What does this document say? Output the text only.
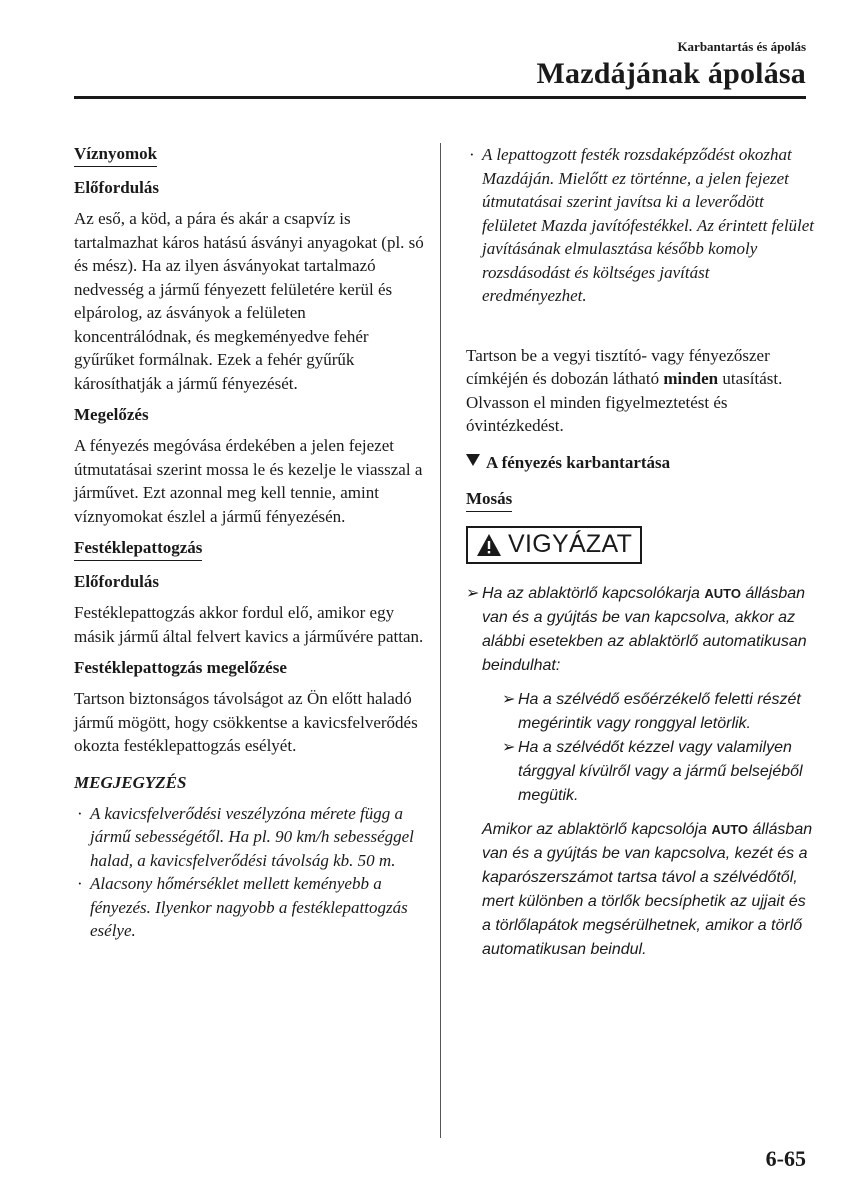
Karbantartás és ápolás
Mazdájának ápolása
Víznyomok
Előfordulás

Az eső, a köd, a pára és akár a csapvíz is tartalmazhat káros hatású ásványi anyagokat (pl. só és mész). Ha az ilyen ásványokat tartalmazó nedvesség a jármű fényezett felületére kerül és elpárolog, az ásványok a felületen koncentrálódnak, és megkeményedve fehér gyűrűket formálnak. Ezek a fehér gyűrűk károsíthatják a jármű fényezését.

Megelőzés

A fényezés megóvása érdekében a jelen fejezet útmutatásai szerint mossa le és kezelje le viasszal a járművet. Ezt azonnal meg kell tennie, amint víznyomokat észlel a jármű fényezésén.

Festéklepattogzás
Előfordulás

Festéklepattogzás akkor fordul elő, amikor egy másik jármű által felvert kavics a járművére pattan.

Festéklepattogzás megelőzése

Tartson biztonságos távolságot az Ön előtt haladó jármű mögött, hogy csökkentse a kavicsfelverődés okozta festéklepattogzás esélyét.

MEGJEGYZÉS
· A kavicsfelverődési veszélyzóna mérete függ a jármű sebességétől. Ha pl. 90 km/h sebességgel halad, a kavicsfelverődési távolság kb. 50 m.
· Alacsony hőmérséklet mellett keményebb a fényezés. Ilyenkor nagyobb a festéklepattogzás esélye.
· A lepattogzott festék rozsdaképződést okozhat Mazdáján. Mielőtt ez történne, a jelen fejezet útmutatásai szerint javítsa ki a leverődött felületet Mazda javítófestékkel. Az érintett felület javításának elmulasztása később komoly rozsdásodást és költséges javítást eredményezhet.

Tartson be a vegyi tisztító- vagy fényezőszer címkéjén és dobozán látható minden utasítást. Olvasson el minden figyelmeztetést és óvintézkedést.

A fényezés karbantartása
Mosás
VIGYÁZAT
➢ Ha az ablaktörlő kapcsolókarja AUTO állásban van és a gyújtás be van kapcsolva, akkor az alábbi esetekben az ablaktörlő automatikusan beindulhat:
➢ Ha a szélvédő esőérzékelő feletti részét megérintik vagy ronggyal letörlik.
➢ Ha a szélvédőt kézzel vagy valamilyen tárggyal kívülről vagy a jármű belsejéből megütik.
Amikor az ablaktörlő kapcsolója AUTO állásban van és a gyújtás be van kapcsolva, kezét és a kaparószerszámot tartsa távol a szélvédőtől, mert különben a törlők becsíphetik az ujjait és a törlőlapátok megsérülhetnek, amikor a törlő automatikusan beindul.
6-65
